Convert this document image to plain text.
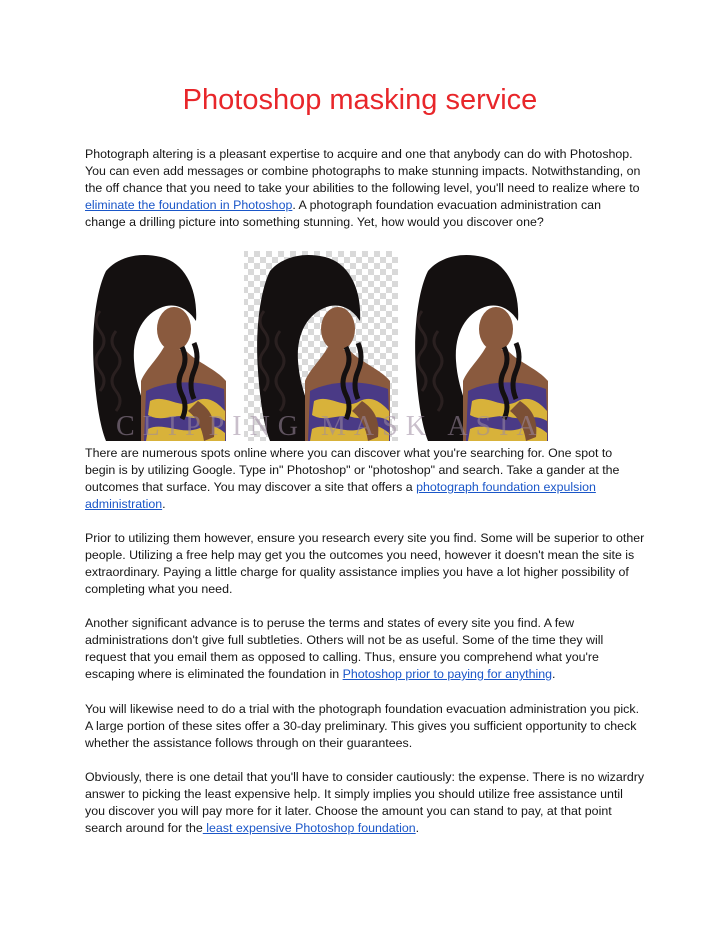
Photoshop masking service

Photograph altering is a pleasant expertise to acquire and one that anybody can do with Photoshop. You can even add messages or combine photographs to make stunning impacts. Notwithstanding, on the off chance that you need to take your abilities to the following level, you'll need to realize where to eliminate the foundation in Photoshop. A photograph foundation evacuation administration can change a drilling picture into something stunning. Yet, how would you discover one?

CLIPPING MASK ASIA

There are numerous spots online where you can discover what you're searching for. One spot to begin is by utilizing Google. Type in" Photoshop" or "photoshop" and search. Take a gander at the outcomes that surface. You may discover a site that offers a photograph foundation expulsion administration.

Prior to utilizing them however, ensure you research every site you find. Some will be superior to other people. Utilizing a free help may get you the outcomes you need, however it doesn't mean the site is extraordinary. Paying a little charge for quality assistance implies you have a lot higher possibility of completing what you need.

Another significant advance is to peruse the terms and states of every site you find. A few administrations don't give full subtleties. Others will not be as useful. Some of the time they will request that you email them as opposed to calling. Thus, ensure you comprehend what you're escaping where is eliminated the foundation in Photoshop prior to paying for anything.

You will likewise need to do a trial with the photograph foundation evacuation administration you pick. A large portion of these sites offer a 30-day preliminary. This gives you sufficient opportunity to check whether the assistance follows through on their guarantees.

Obviously, there is one detail that you'll have to consider cautiously: the expense. There is no wizardry answer to picking the least expensive help. It simply implies you should utilize free assistance until you discover you will pay more for it later. Choose the amount you can stand to pay, at that point search around for the least expensive Photoshop foundation.
